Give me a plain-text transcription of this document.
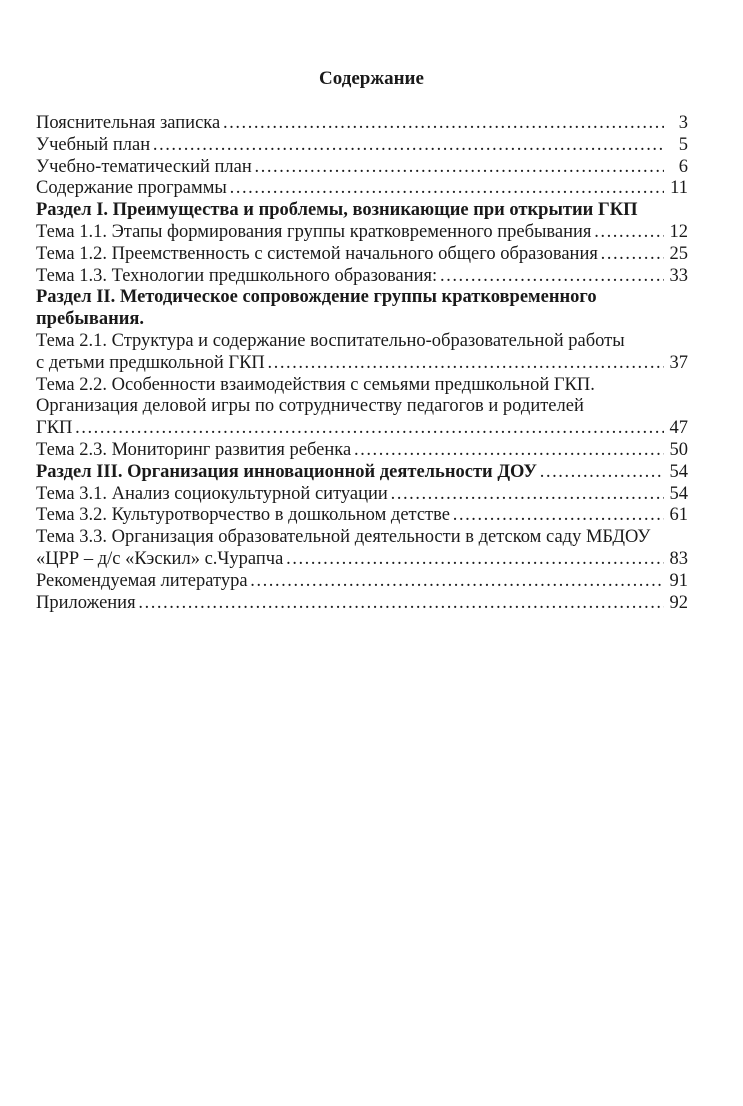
Содержание
Пояснительная записка ……………………………………………………………………………………………………………………	3
Учебный план ……………………………………………………………………………………………………………………	5
Учебно-тематический план ……………………………………………………………………………………………………………………	6
Содержание программы ……………………………………………………………………………………………………………………	11
Раздел I. Преимущества и проблемы, возникающие при открытии ГКП
Тема 1.1. Этапы формирования группы кратковременного пребывания ……………………………………………………………………………………………………………………	12
Тема 1.2. Преемственность с системой начального общего образования ……………………………………………………………………………………………………………………	25
Тема 1.3. Технологии предшкольного образования: ……………………………………………………………………………………………………………………	33
Раздел II. Методическое сопровождение группы кратковременного
пребывания.
Тема 2.1. Структура и содержание воспитательно-образовательной работы
с детьми предшкольной ГКП ……………………………………………………………………………………………………………………	37
Тема 2.2. Особенности взаимодействия с семьями предшкольной ГКП.
Организация деловой игры по сотрудничеству педагогов и родителей
ГКП ……………………………………………………………………………………………………………………	47
Тема 2.3. Мониторинг развития ребенка ……………………………………………………………………………………………………………………	50
Раздел III. Организация инновационной деятельности ДОУ ……………………………………………………………………………………………………………………	54
Тема 3.1. Анализ социокультурной ситуации ……………………………………………………………………………………………………………………	54
Тема 3.2. Культуротворчество в дошкольном детстве ……………………………………………………………………………………………………………………	61
Тема 3.3. Организация образовательной деятельности в детском саду МБДОУ
«ЦРР – д/с «Кэскил» с.Чурапча ……………………………………………………………………………………………………………………	83
Рекомендуемая литература ……………………………………………………………………………………………………………………	91
Приложения ……………………………………………………………………………………………………………………	92
